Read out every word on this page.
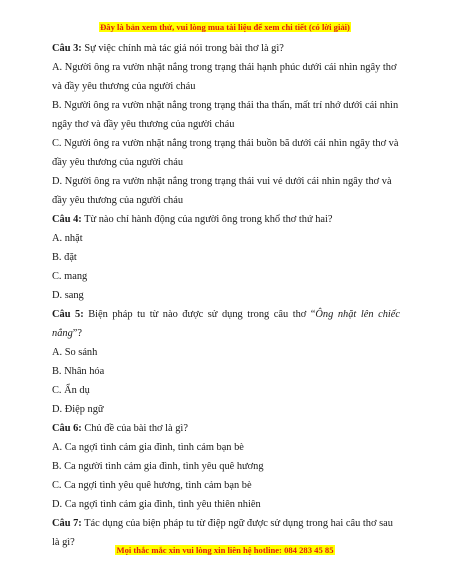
Đây là bản xem thử, vui lòng mua tài liệu để xem chi tiết (có lời giải)
Câu 3: Sự việc chính mà tác giả nói trong bài thơ là gì?
A. Người ông ra vườn nhặt nắng trong trạng thái hạnh phúc dưới cái nhìn ngây thơ
và đầy yêu thương của người cháu
B. Người ông ra vườn nhặt nắng trong trạng thái tha thẩn, mất trí nhớ dưới cái nhìn
ngây thơ và đầy yêu thương của người cháu
C. Người ông ra vườn nhặt nắng trong trạng thái buồn bã dưới cái nhìn ngây thơ và
đầy yêu thương của người cháu
D. Người ông ra vườn nhặt nắng trong trạng thái vui vẻ dưới cái nhìn ngây thơ và
đầy yêu thương của người cháu
Câu 4: Từ nào chỉ hành động của người ông trong khổ thơ thứ hai?
A. nhặt
B. đặt
C. mang
D. sang
Câu 5: Biện pháp tu từ nào được sử dụng trong câu thơ “Ông nhặt lên chiếc nắng”?
A. So sánh
B. Nhân hóa
C. Ẩn dụ
D. Điệp ngữ
Câu 6: Chủ đề của bài thơ là gì?
A. Ca ngợi tình cảm gia đình, tình cảm bạn bè
B. Ca người tình cảm gia đình, tình yêu quê hương
C. Ca ngợi tình yêu quê hương, tình cảm bạn bè
D. Ca ngợi tình cảm gia đình, tình yêu thiên nhiên
Câu 7: Tác dụng của biện pháp tu từ điệp ngữ được sử dụng trong hai câu thơ sau
là gì?
Mọi thắc mắc xin vui lòng xin liên hệ hotline: 084 283 45 85
